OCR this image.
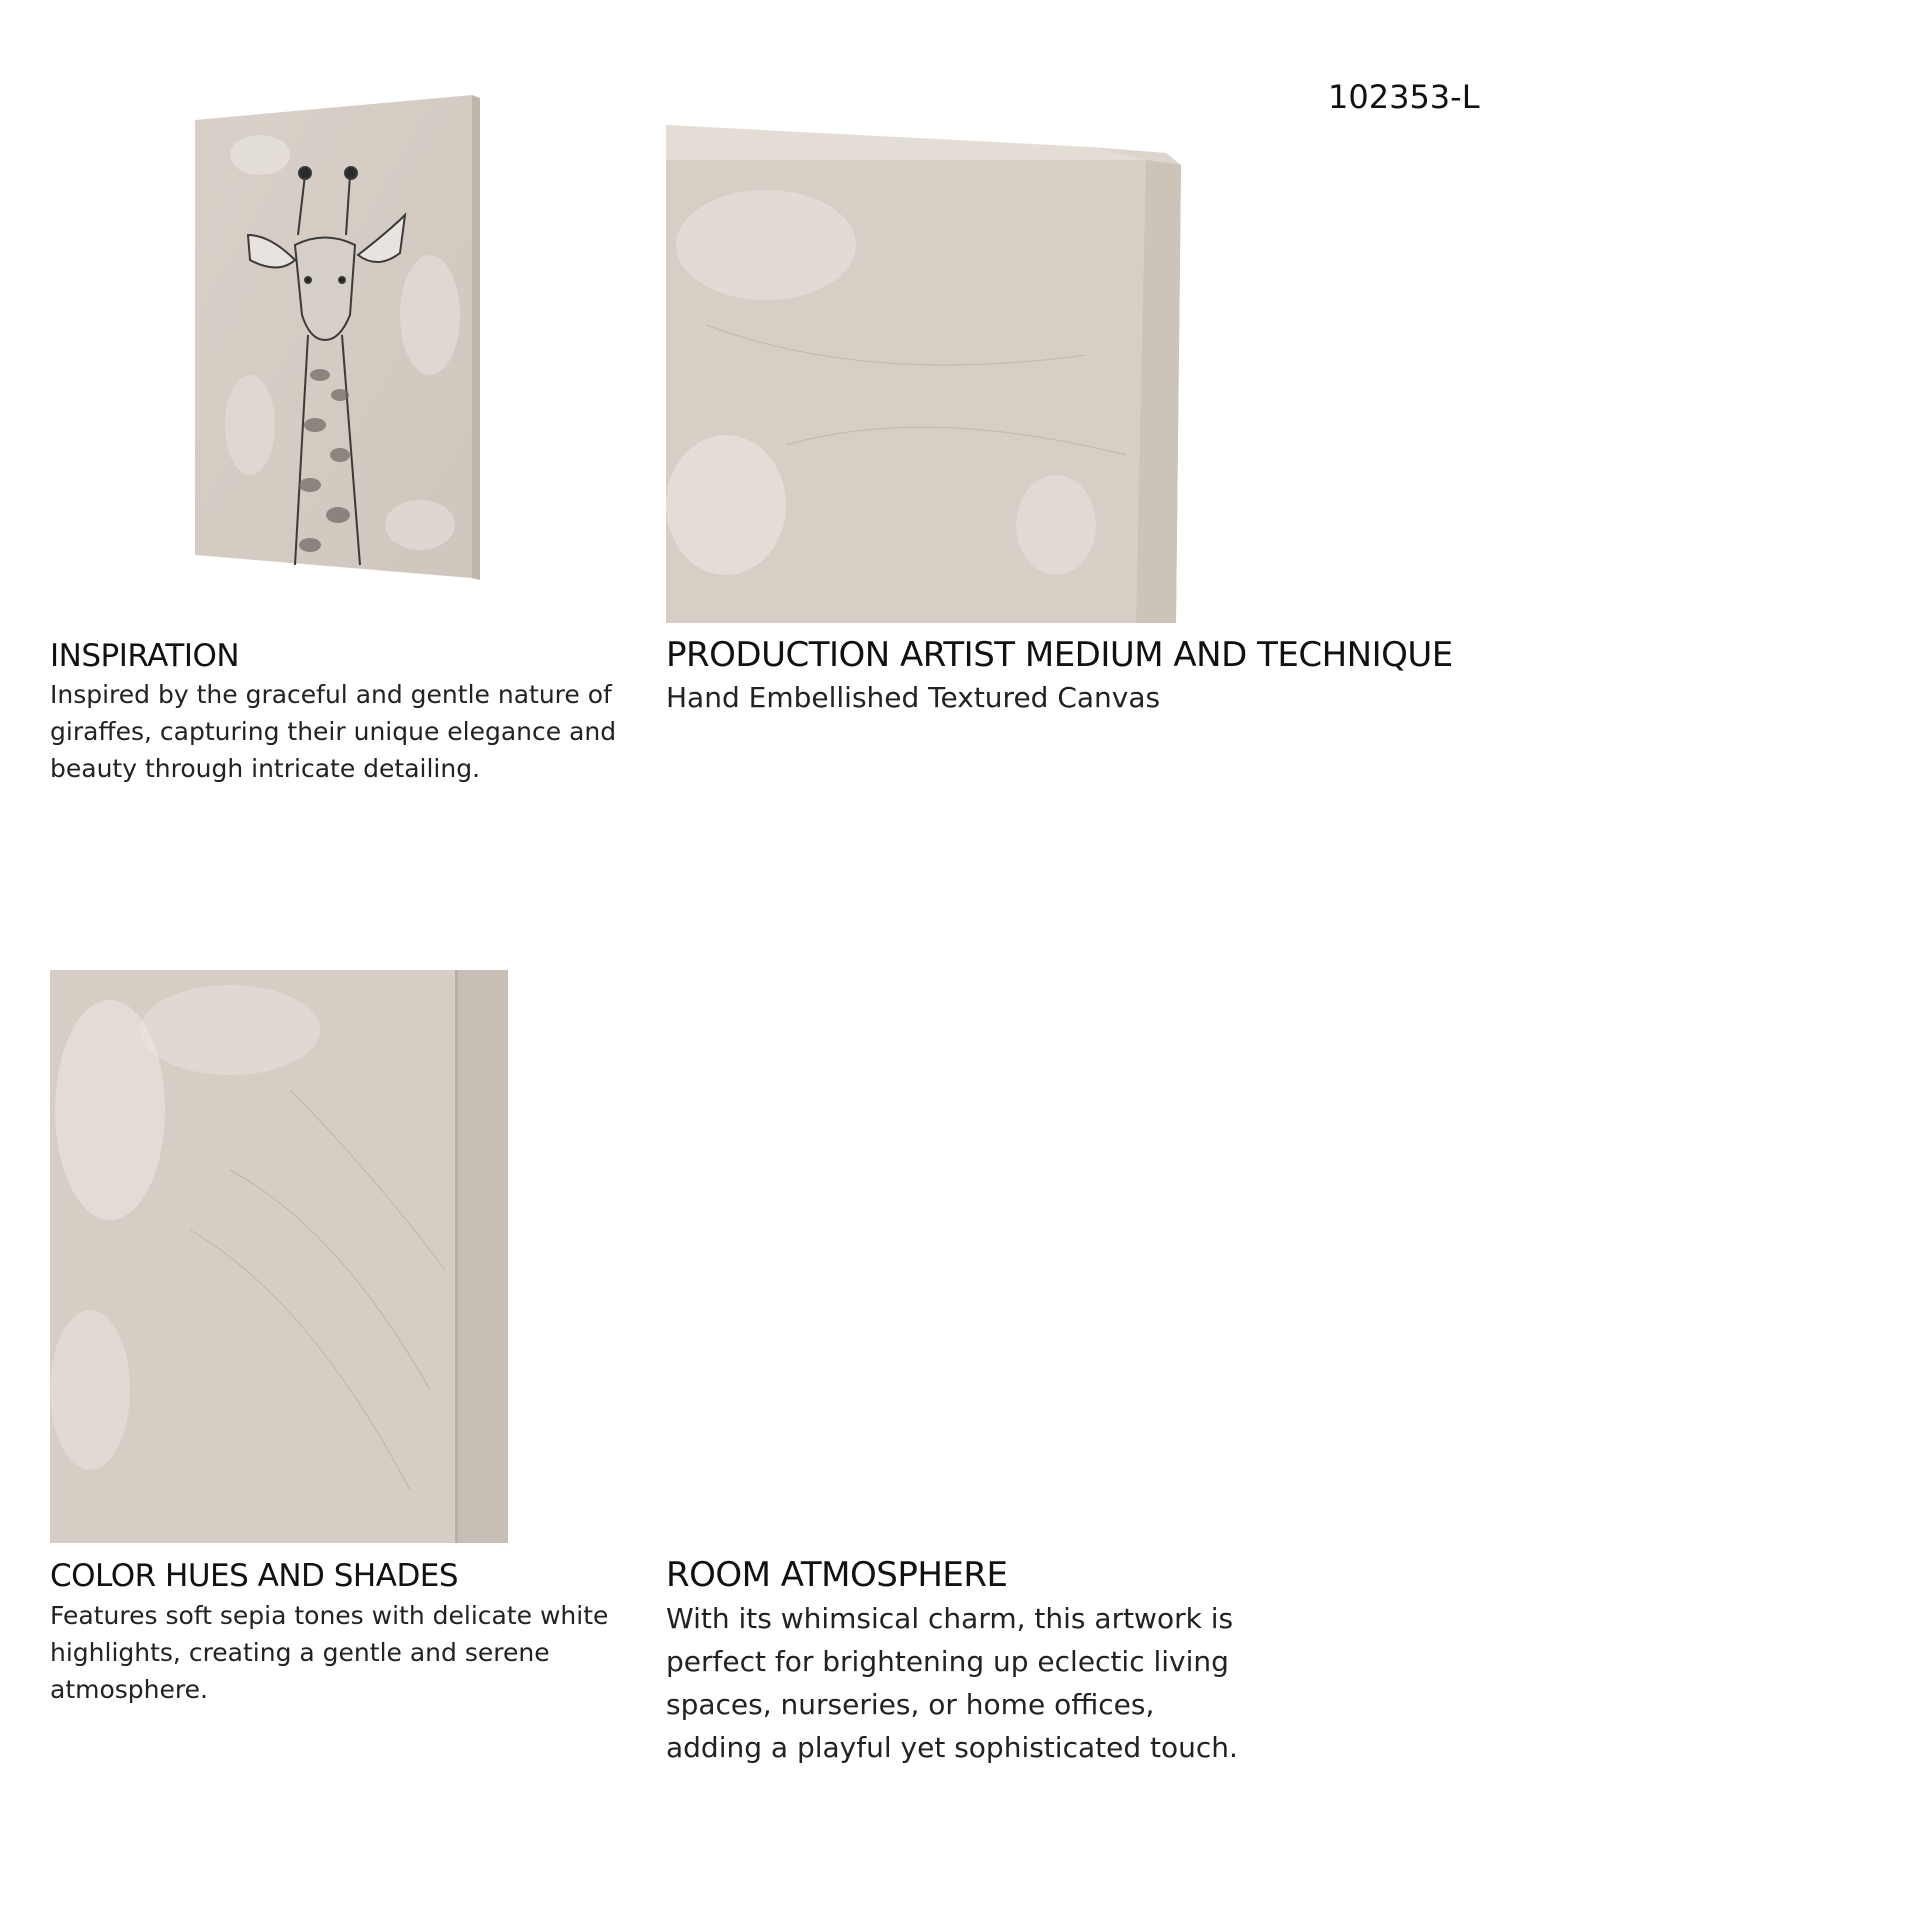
102353-L
INSPIRATION

Inspired by the graceful and gentle nature of giraffes, capturing their unique elegance and beauty through intricate detailing.

PRODUCTION ARTIST MEDIUM AND TECHNIQUE

Hand Embellished Textured Canvas

COLOR HUES AND SHADES

Features soft sepia tones with delicate white highlights, creating a gentle and serene atmosphere.

ROOM ATMOSPHERE

With its whimsical charm, this artwork is perfect for brightening up eclectic living spaces, nurseries, or home offices, adding a playful yet sophisticated touch.
